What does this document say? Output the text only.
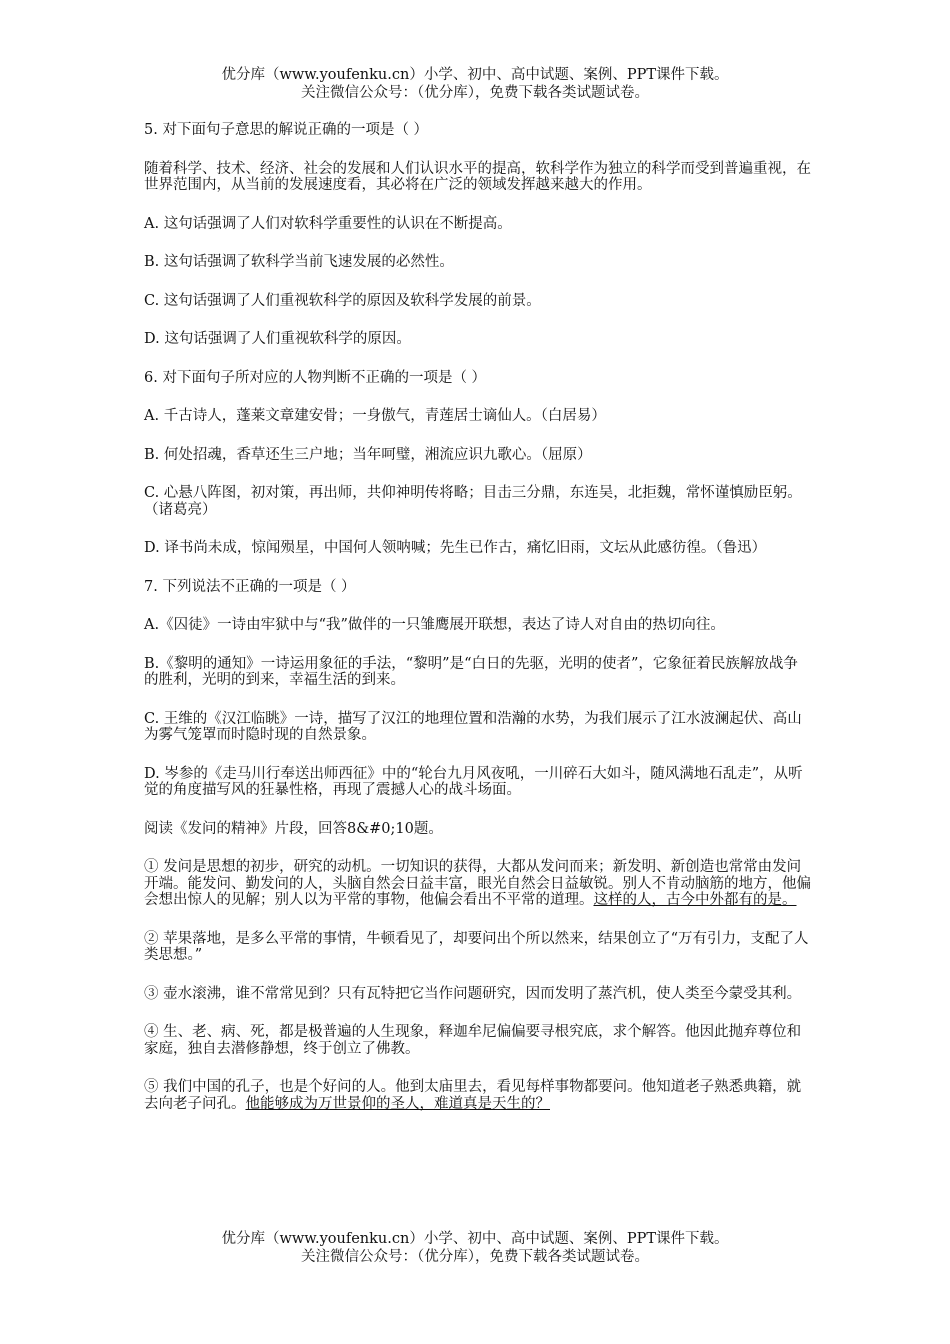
优分库（www.youfenku.cn）小学、初中、高中试题、案例、PPT课件下载。
关注微信公众号：（优分库），免费下载各类试题试卷。

5. 对下面句子意思的解说正确的一项是（ ）

随着科学、技术、经济、社会的发展和人们认识水平的提高，软科学作为独立的科学而受到普遍重视，在世界范围内，从当前的发展速度看，其必将在广泛的领域发挥越来越大的作用。

A. 这句话强调了人们对软科学重要性的认识在不断提高。

B. 这句话强调了软科学当前飞速发展的必然性。

C. 这句话强调了人们重视软科学的原因及软科学发展的前景。

D. 这句话强调了人们重视软科学的原因。

6. 对下面句子所对应的人物判断不正确的一项是（ ）

A. 千古诗人，蓬莱文章建安骨；一身傲气，青莲居士谪仙人。（白居易）

B. 何处招魂，香草还生三户地；当年呵璧，湘流应识九歌心。（屈原）

C. 心悬八阵图，初对策，再出师，共仰神明传将略；目击三分鼎，东连吴，北拒魏，常怀谨慎励臣躬。（诸葛亮）

D. 译书尚未成，惊闻殒星，中国何人领呐喊；先生已作古，痛忆旧雨，文坛从此感彷徨。（鲁迅）

7. 下列说法不正确的一项是（ ）

A.《囚徒》一诗由牢狱中与“我”做伴的一只雏鹰展开联想，表达了诗人对自由的热切向往。

B.《黎明的通知》一诗运用象征的手法，“黎明”是“白日的先驱，光明的使者”，它象征着民族解放战争的胜利，光明的到来，幸福生活的到来。

C. 王维的《汉江临眺》一诗，描写了汉江的地理位置和浩瀚的水势，为我们展示了江水波澜起伏、高山为雾气笼罩而时隐时现的自然景象。

D. 岑参的《走马川行奉送出师西征》中的“轮台九月风夜吼，一川碎石大如斗，随风满地石乱走”，从听觉的角度描写风的狂暴性格，再现了震撼人心的战斗场面。

阅读《发问的精神》片段，回答8&#0;10题。

① 发问是思想的初步，研究的动机。一切知识的获得，大都从发问而来；新发明、新创造也常常由发问开端。能发问、勤发问的人，头脑自然会日益丰富，眼光自然会日益敏锐。别人不肯动脑筋的地方，他偏会想出惊人的见解；别人以为平常的事物，他偏会看出不平常的道理。这样的人，古今中外都有的是。

② 苹果落地，是多么平常的事情，牛顿看见了，却要问出个所以然来，结果创立了“万有引力，支配了人类思想。”

③ 壶水滚沸，谁不常常见到？只有瓦特把它当作问题研究，因而发明了蒸汽机，使人类至今蒙受其利。

④ 生、老、病、死，都是极普遍的人生现象，释迦牟尼偏偏要寻根究底，求个解答。他因此抛弃尊位和家庭，独自去潜修静想，终于创立了佛教。

⑤ 我们中国的孔子，也是个好问的人。他到太庙里去，看见每样事物都要问。他知道老子熟悉典籍，就去向老子问孔。他能够成为万世景仰的圣人，难道真是天生的？

优分库（www.youfenku.cn）小学、初中、高中试题、案例、PPT课件下载。
关注微信公众号：（优分库），免费下载各类试题试卷。
